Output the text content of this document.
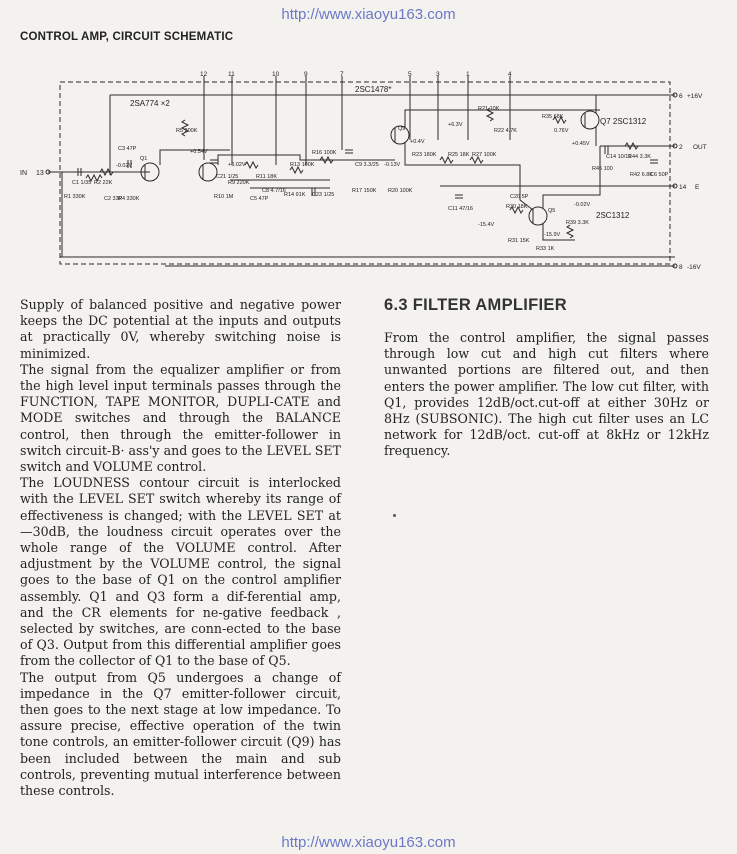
http://www.xiaoyu163.com
CONTROL AMP, CIRCUIT SCHEMATIC
12	11	10	9	7	5	3	1	4
2SA774 ×2
2SC1478*
Q7 2SC1312
2SC1312
IN 13
6 +16V
2 OUT
14 E
8 -16V
R1 330K
C1 1/35 R2 22K
-0.02V
C3 47P
Q1
R4 330K
C2 33P
R5 200K
+0.54V
C21 1/25
+0.02V
R9 220K
R10 1M
R11 18K
C8 4.7/16
C5 47P
R13 100K
R14 91K C23 1/25
R16 100K
R17 150K
C9 3.3/25 -0.13V
R20 100K
Q9
+0.4V
R23 180K R25 18K R27 100K
+6.3V
R21 10K
R22 4.7K
R35 68K
0.76V
+0.45V
C14 10/16
R44 3.3K
R45 100
R42 6.8K
C6 50P
C11 47/16
C20 5P
R30 18K
-15.4V
-15.9V
-0.02V
R31 15K
R33 1K
R39 3.3K
Q5

Supply of balanced positive and negative power keeps the DC potential at the inputs and outputs at practically 0V, whereby switching noise is minimized.

The signal from the equalizer amplifier or from the high level input terminals passes through the FUNCTION, TAPE MONITOR, DUPLI-CATE and MODE switches and through the BALANCE control, then through the emitter-follower in switch circuit-B· ass'y and goes to the LEVEL SET switch and VOLUME control.

The LOUDNESS contour circuit is interlocked with the LEVEL SET switch whereby its range of effectiveness is changed; with the LEVEL SET at —30dB, the loudness circuit operates over the whole range of the VOLUME control. After adjustment by the VOLUME control, the signal goes to the base of Q1 on the control amplifier assembly. Q1 and Q3 form a dif-ferential amp, and the CR elements for ne-gative feedback , selected by switches, are conn-ected to the base of Q3. Output from this differential amplifier goes from the collector of Q1 to the base of Q5.

The output from Q5 undergoes a change of impedance in the Q7 emitter-follower circuit, then goes to the next stage at low impedance. To assure precise, effective operation of the twin tone controls, an emitter-follower circuit (Q9) has been included between the main and sub controls, preventing mutual interference between these controls.

6.3 FILTER AMPLIFIER
From the control amplifier, the signal passes through low cut and high cut filters where unwanted portions are filtered out, and then enters the power amplifier. The low cut filter, with Q1, provides 12dB/oct.cut-off at either 30Hz or 8Hz (SUBSONIC). The high cut filter uses an LC network for 12dB/oct. cut-off at 8kHz or 12kHz frequency.
http://www.xiaoyu163.com
